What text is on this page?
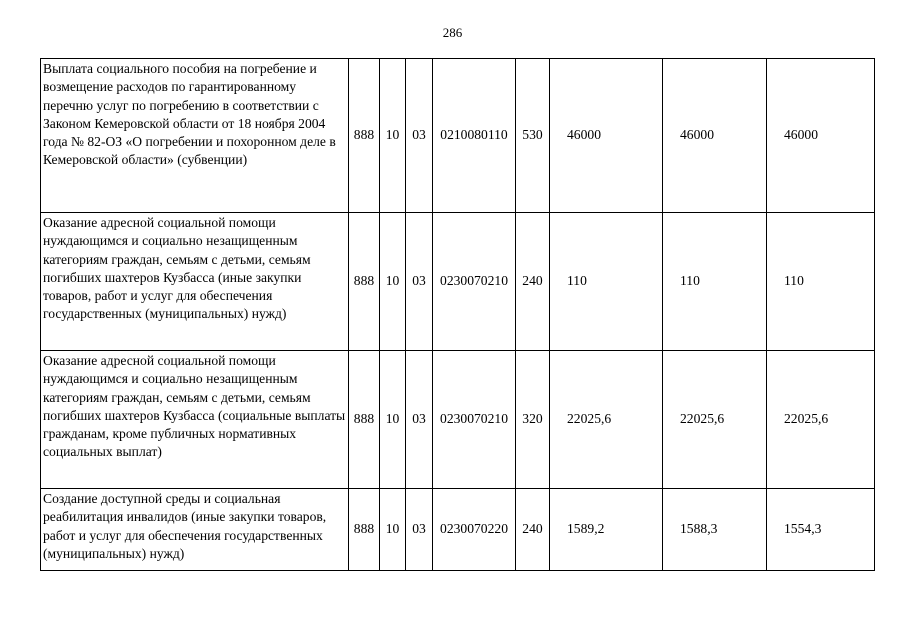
286
Выплата социального пособия на погребение и возмещение расходов по гарантированному перечню услуг по погребению в соответствии с Законом Кемеровской области от 18 ноября 2004 года № 82-ОЗ «О погребении и похоронном деле в Кемеровской области» (субвенции)	888	10	03	0210080110	530	46000	46000	46000
Оказание адресной социальной помощи нуждающимся и социально незащищенным категориям граждан, семьям с детьми, семьям погибших шахтеров Кузбасса (иные закупки товаров, работ и услуг для обеспечения государственных (муниципальных) нужд)	888	10	03	0230070210	240	110	110	110
Оказание адресной социальной помощи нуждающимся и социально незащищенным категориям граждан, семьям с детьми, семьям погибших шахтеров Кузбасса (социальные выплаты гражданам, кроме публичных нормативных социальных выплат)	888	10	03	0230070210	320	22025,6	22025,6	22025,6
Создание доступной среды и социальная реабилитация инвалидов (иные закупки товаров, работ и услуг для обеспечения государственных (муниципальных) нужд)	888	10	03	0230070220	240	1589,2	1588,3	1554,3
